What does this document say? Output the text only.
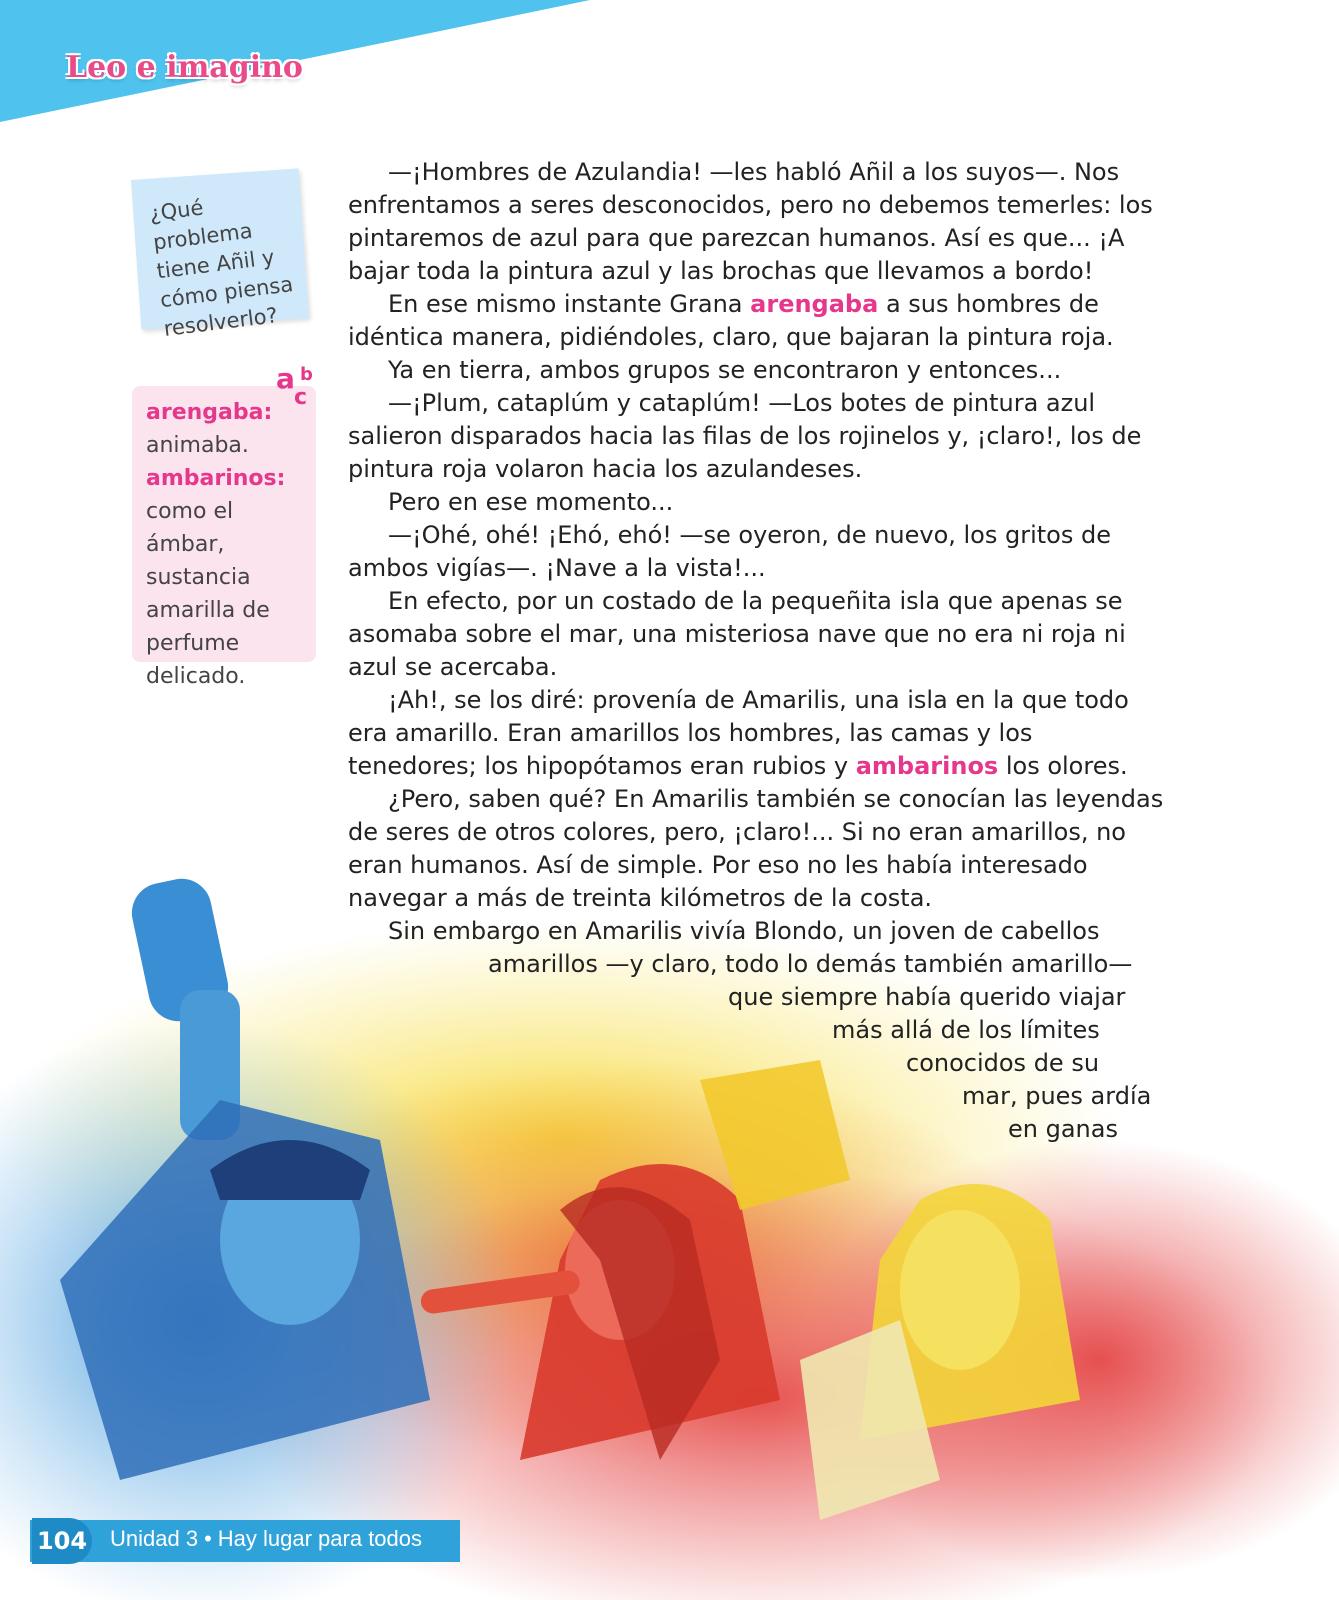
Leo e imagino
¿Qué problema tiene Añil y cómo piensa resolverlo?
a b
c
arengaba:
animaba.
ambarinos:
como el ámbar, sustancia amarilla de perfume delicado.

—¡Hombres de Azulandia! —les habló Añil a los suyos—. Nos enfrentamos a seres desconocidos, pero no debemos temerles: los pintaremos de azul para que parezcan humanos. Así es que... ¡A bajar toda la pintura azul y las brochas que llevamos a bordo!

En ese mismo instante Grana arengaba a sus hombres de idéntica manera, pidiéndoles, claro, que bajaran la pintura roja.

Ya en tierra, ambos grupos se encontraron y entonces...

—¡Plum, cataplúm y cataplúm! —Los botes de pintura azul salieron disparados hacia las filas de los rojinelos y, ¡claro!, los de pintura roja volaron hacia los azulandeses.

Pero en ese momento...

—¡Ohé, ohé! ¡Ehó, ehó! —se oyeron, de nuevo, los gritos de ambos vigías—. ¡Nave a la vista!...

En efecto, por un costado de la pequeñita isla que apenas se asomaba sobre el mar, una misteriosa nave que no era ni roja ni azul se acercaba.

¡Ah!, se los diré: provenía de Amarilis, una isla en la que todo era amarillo. Eran amarillos los hombres, las camas y los tenedores; los hipopótamos eran rubios y ambarinos los olores.

¿Pero, saben qué? En Amarilis también se conocían las leyendas de seres de otros colores, pero, ¡claro!... Si no eran amarillos, no eran humanos. Así de simple. Por eso no les había interesado navegar a más de treinta kilómetros de la costa.

Sin embargo en Amarilis vivía Blondo, un joven de cabellos
amarillos —y claro, todo lo demás también amarillo—
que siempre había querido viajar
más allá de los límites
conocidos de su
mar, pues ardía
en ganas

104 Unidad 3 • Hay lugar para todos
